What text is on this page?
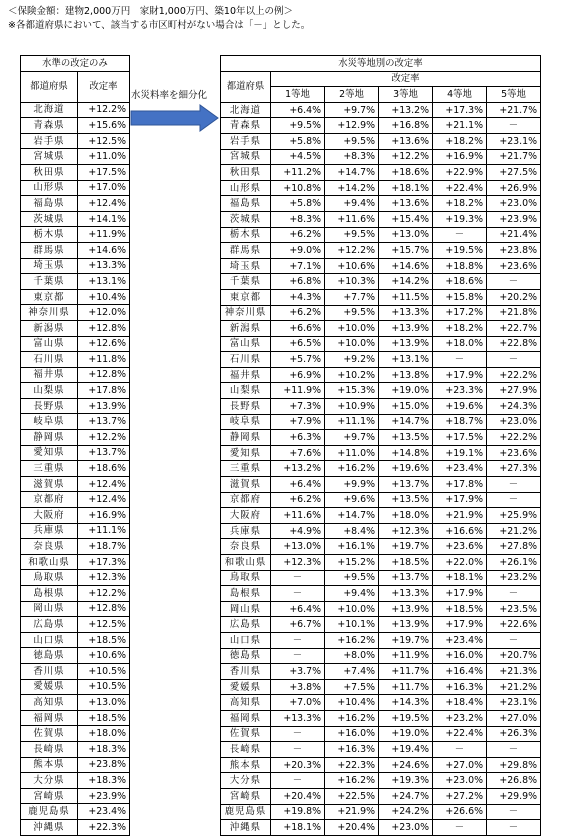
＜保険金額：建物2,000万円　家財1,000万円、築10年以上の例＞
※各都道府県において、該当する市区町村がない場合は「－」とした。
水準の改定のみ	
都道府県	改定率
北海道	+12.2%
青森県	+15.6%
岩手県	+12.5%
宮城県	+11.0%
秋田県	+17.5%
山形県	+17.0%
福島県	+12.4%
茨城県	+14.1%
栃木県	+11.9%
群馬県	+14.6%
埼玉県	+13.3%
千葉県	+13.1%
東京都	+10.4%
神奈川県	+12.0%
新潟県	+12.8%
富山県	+12.6%
石川県	+11.8%
福井県	+12.8%
山梨県	+17.8%
長野県	+13.9%
岐阜県	+13.7%
静岡県	+12.2%
愛知県	+13.7%
三重県	+18.6%
滋賀県	+12.4%
京都府	+12.4%
大阪府	+16.9%
兵庫県	+11.1%
奈良県	+18.7%
和歌山県	+17.3%
鳥取県	+12.3%
島根県	+12.2%
岡山県	+12.8%
広島県	+12.5%
山口県	+18.5%
徳島県	+10.6%
香川県	+10.5%
愛媛県	+10.5%
高知県	+13.0%
福岡県	+18.5%
佐賀県	+18.0%
長崎県	+18.3%
熊本県	+23.8%
大分県	+18.3%
宮崎県	+23.9%
鹿児島県	+23.4%
沖縄県	+22.3%
水災料率を細分化
水災等地別の改定率					
都道府県	改定率				
	1等地	2等地	3等地	4等地	5等地
北海道	+6.4%	+9.7%	+13.2%	+17.3%	+21.7%
青森県	+9.5%	+12.9%	+16.8%	+21.1%	－
岩手県	+5.8%	+9.5%	+13.6%	+18.2%	+23.1%
宮城県	+4.5%	+8.3%	+12.2%	+16.9%	+21.7%
秋田県	+11.2%	+14.7%	+18.6%	+22.9%	+27.5%
山形県	+10.8%	+14.2%	+18.1%	+22.4%	+26.9%
福島県	+5.8%	+9.4%	+13.6%	+18.2%	+23.0%
茨城県	+8.3%	+11.6%	+15.4%	+19.3%	+23.9%
栃木県	+6.2%	+9.5%	+13.0%	－	+21.4%
群馬県	+9.0%	+12.2%	+15.7%	+19.5%	+23.8%
埼玉県	+7.1%	+10.6%	+14.6%	+18.8%	+23.6%
千葉県	+6.8%	+10.3%	+14.2%	+18.6%	－
東京都	+4.3%	+7.7%	+11.5%	+15.8%	+20.2%
神奈川県	+6.2%	+9.5%	+13.3%	+17.2%	+21.8%
新潟県	+6.6%	+10.0%	+13.9%	+18.2%	+22.7%
富山県	+6.5%	+10.0%	+13.9%	+18.0%	+22.8%
石川県	+5.7%	+9.2%	+13.1%	－	－
福井県	+6.9%	+10.2%	+13.8%	+17.9%	+22.2%
山梨県	+11.9%	+15.3%	+19.0%	+23.3%	+27.9%
長野県	+7.3%	+10.9%	+15.0%	+19.6%	+24.3%
岐阜県	+7.9%	+11.1%	+14.7%	+18.7%	+23.0%
静岡県	+6.3%	+9.7%	+13.5%	+17.5%	+22.2%
愛知県	+7.6%	+11.0%	+14.8%	+19.1%	+23.6%
三重県	+13.2%	+16.2%	+19.6%	+23.4%	+27.3%
滋賀県	+6.4%	+9.9%	+13.7%	+17.8%	－
京都府	+6.2%	+9.6%	+13.5%	+17.9%	－
大阪府	+11.6%	+14.7%	+18.0%	+21.9%	+25.9%
兵庫県	+4.9%	+8.4%	+12.3%	+16.6%	+21.2%
奈良県	+13.0%	+16.1%	+19.7%	+23.6%	+27.8%
和歌山県	+12.3%	+15.2%	+18.5%	+22.0%	+26.1%
鳥取県	－	+9.5%	+13.7%	+18.1%	+23.2%
島根県	－	+9.4%	+13.3%	+17.9%	－
岡山県	+6.4%	+10.0%	+13.9%	+18.5%	+23.5%
広島県	+6.7%	+10.1%	+13.9%	+17.9%	+22.6%
山口県	－	+16.2%	+19.7%	+23.4%	－
徳島県	－	+8.0%	+11.9%	+16.0%	+20.7%
香川県	+3.7%	+7.4%	+11.7%	+16.4%	+21.3%
愛媛県	+3.8%	+7.5%	+11.7%	+16.3%	+21.2%
高知県	+7.0%	+10.4%	+14.3%	+18.4%	+23.1%
福岡県	+13.3%	+16.2%	+19.5%	+23.2%	+27.0%
佐賀県	－	+16.0%	+19.0%	+22.4%	+26.3%
長崎県	－	+16.3%	+19.4%	－	－
熊本県	+20.3%	+22.3%	+24.6%	+27.0%	+29.8%
大分県	－	+16.2%	+19.3%	+23.0%	+26.8%
宮崎県	+20.4%	+22.5%	+24.7%	+27.2%	+29.9%
鹿児島県	+19.8%	+21.9%	+24.2%	+26.6%	－
沖縄県	+18.1%	+20.4%	+23.0%	－	－
